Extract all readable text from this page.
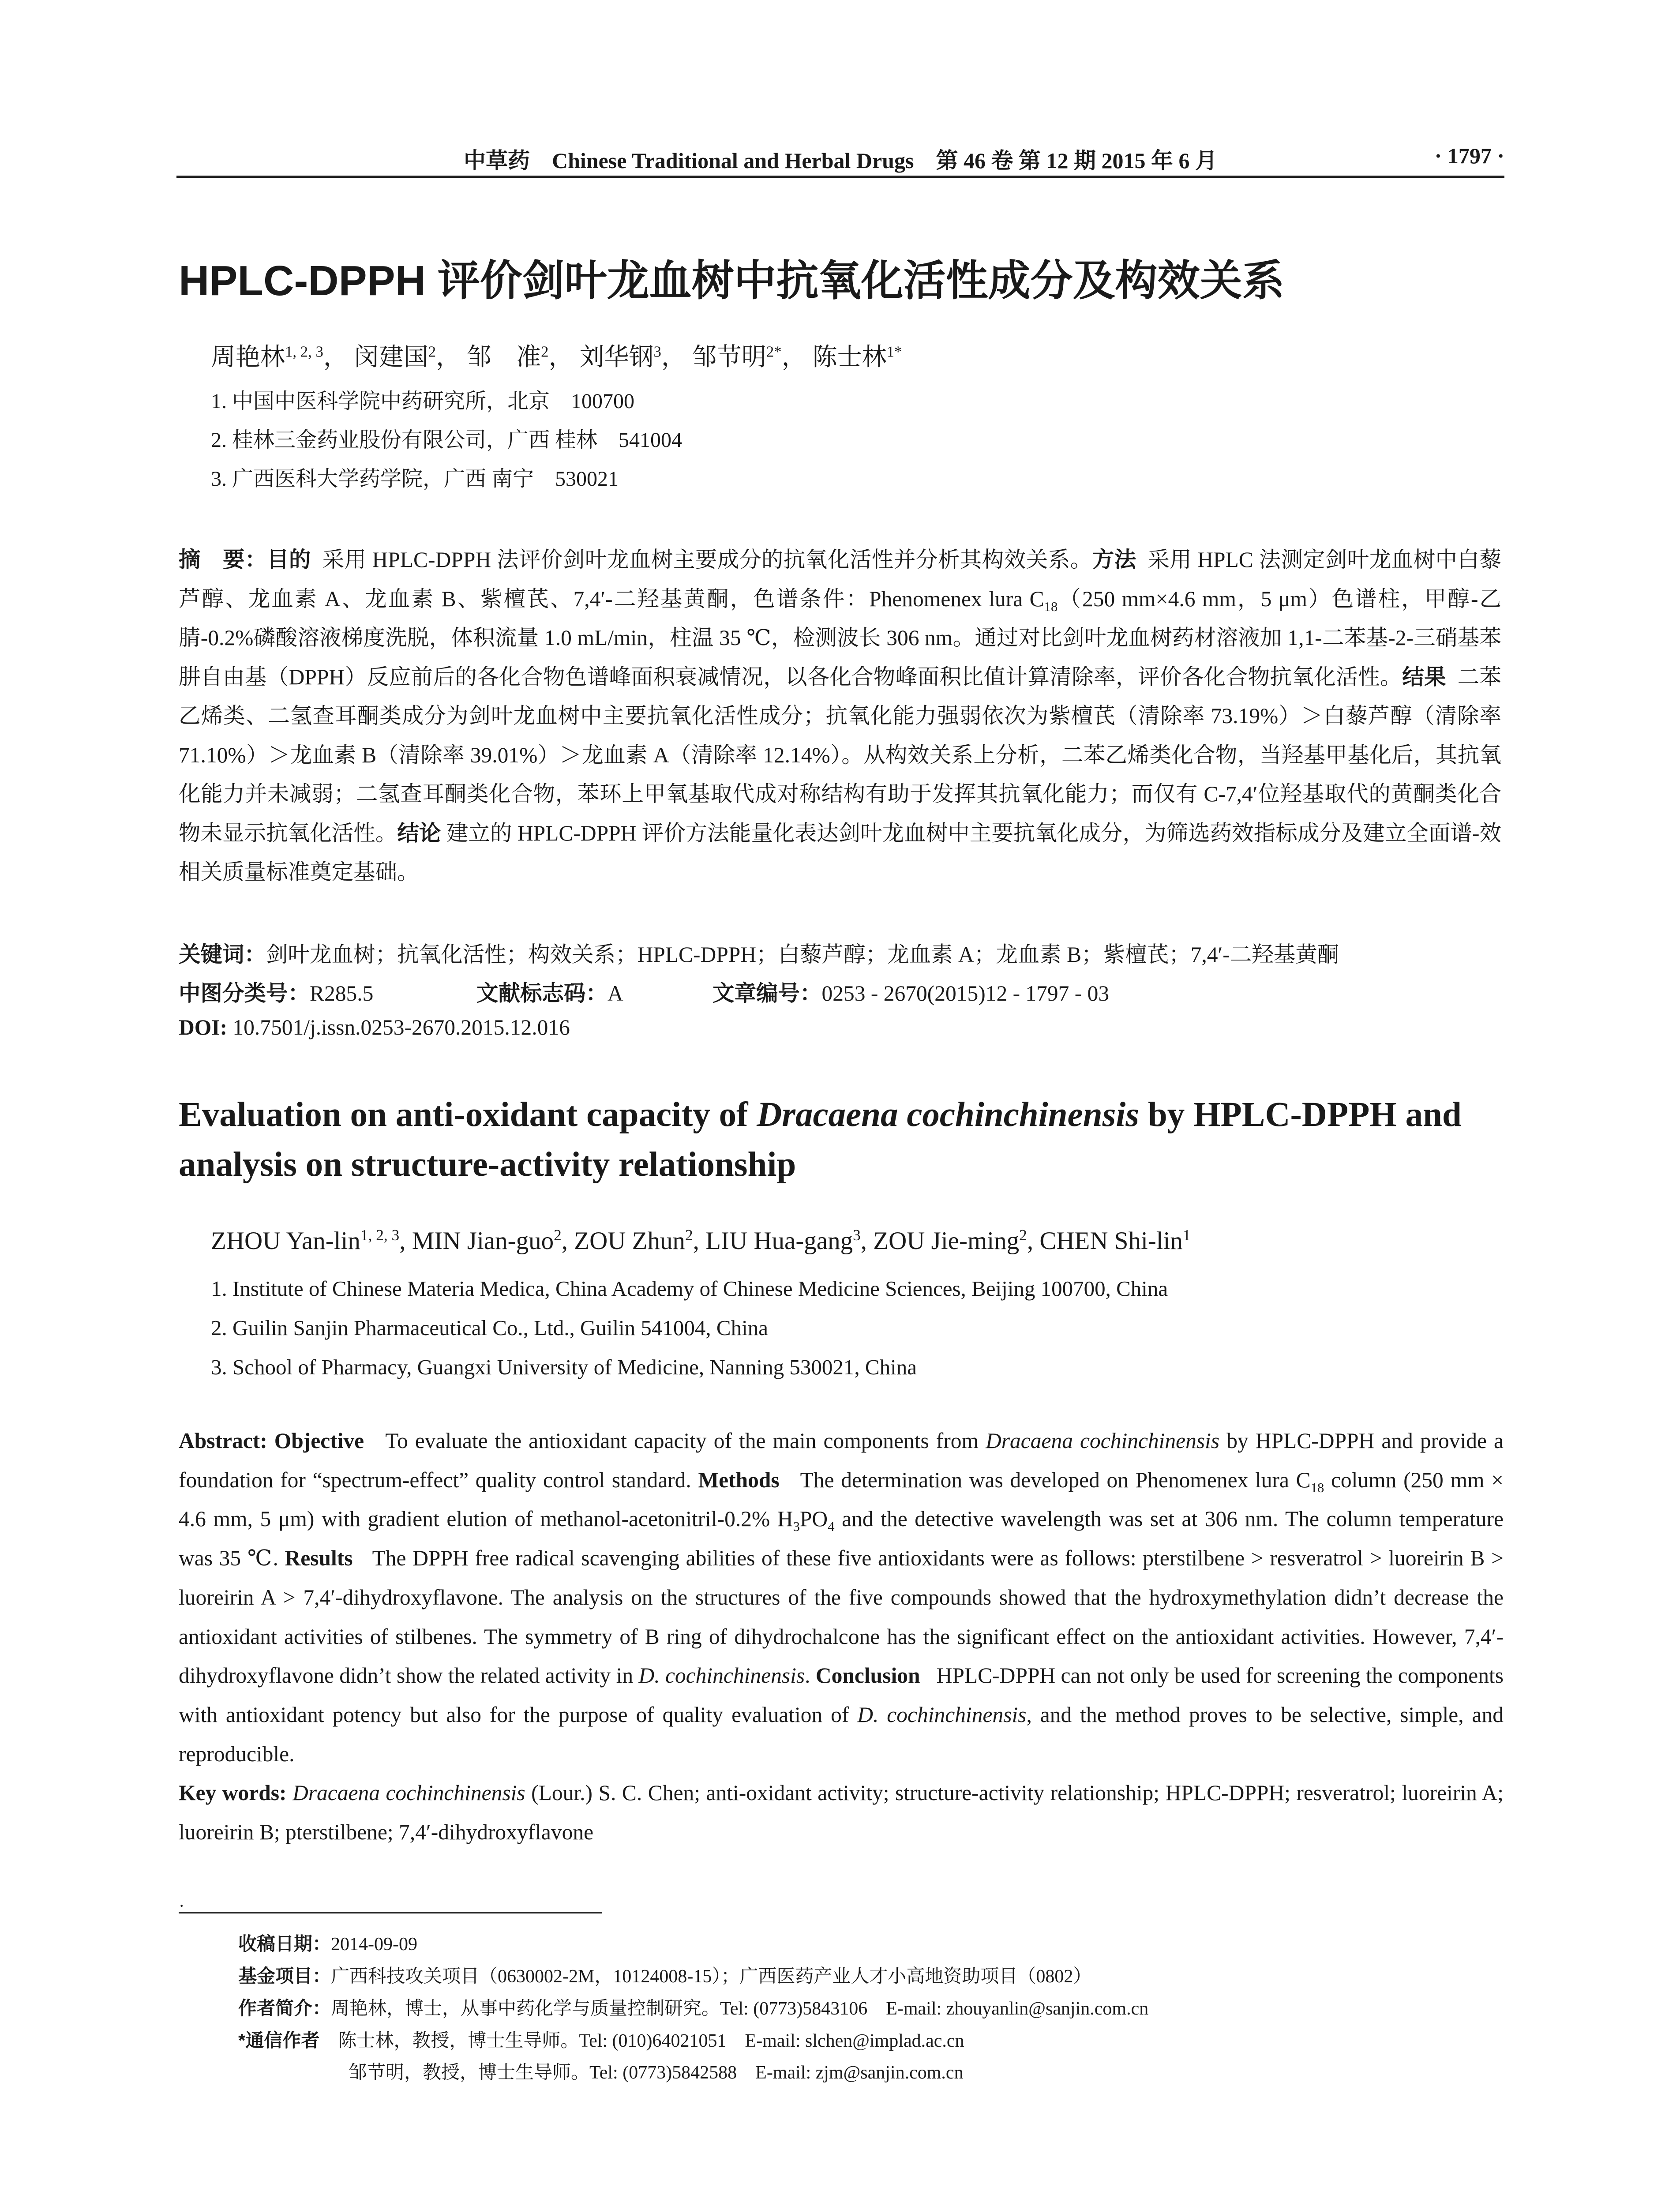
中草药 Chinese Traditional and Herbal Drugs 第 46 卷 第 12 期 2015 年 6 月	· 1797 ·
HPLC-DPPH 评价剑叶龙血树中抗氧化活性成分及构效关系
周艳林$^{1, 2, 3}$， 闵建国$^2$， 邹　准$^2$， 刘华钢$^3$， 邹节明$^{2*}$， 陈士林$^{1*}$
1. 中国中医科学院中药研究所，北京　100700
2. 桂林三金药业股份有限公司，广西 桂林　541004
3. 广西医科大学药学院，广西 南宁　530021
摘　要：目的 采用 HPLC-DPPH 法评价剑叶龙血树主要成分的抗氧化活性并分析其构效关系。方法 采用 HPLC 法测定剑叶龙血树中白藜芦醇、龙血素 A、龙血素 B、紫檀芪、7,4′-二羟基黄酮，色谱条件：Phenomenex lura $C_{18}(250$ mm×4.6 mm，5 μm）色谱柱，甲醇-乙腈-0.2%磷酸溶液梯度洗脱，体积流量 1.0 mL/min，柱温 35 ℃，检测波长 306 nm。通过对比剑叶龙血树药材溶液加 1,1-二苯基-2-三硝基苯肼自由基（DPPH）反应前后的各化合物色谱峰面积衰减情况，以各化合物峰面积比值计算清除率，评价各化合物抗氧化活性。结果 二苯乙烯类、二氢查耳酮类成分为剑叶龙血树中主要抗氧化活性成分；抗氧化能力强弱依次为紫檀芪（清除率 73.19%）＞白藜芦醇（清除率 71.10%）＞龙血素 B（清除率 39.01%）＞龙血素 A（清除率 12.14%）。从构效关系上分析，二苯乙烯类化合物，当羟基甲基化后，其抗氧化能力并未减弱；二氢查耳酮类化合物，苯环上甲氧基取代成对称结构有助于发挥其抗氧化能力；而仅有 C-7,4′位羟基取代的黄酮类化合物未显示抗氧化活性。结论 建立的 HPLC-DPPH 评价方法能量化表达剑叶龙血树中主要抗氧化成分，为筛选药效指标成分及建立全面谱-效相关质量标准奠定基础。
关键词：剑叶龙血树；抗氧化活性；构效关系；HPLC-DPPH；白藜芦醇；龙血素 A；龙血素 B；紫檀芪；7,4′-二羟基黄酮
中图分类号：R285.5	文献标志码：A	文章编号：0253 - 2670(2015)12 - 1797 - 03
DOI: 10.7501/j.issn.0253-2670.2015.12.016
Evaluation on anti-oxidant capacity of Dracaena cochinchinensis by HPLC-DPPH and analysis on structure-activity relationship
ZHOU Yan-lin$^{1, 2, 3}$, MIN Jian-guo$^2$, ZOU Zhun$^2$, LIU Hua-gang$^3$, ZOU Jie-ming$^2$, CHEN Shi-lin$^1$
1. Institute of Chinese Materia Medica, China Academy of Chinese Medicine Sciences, Beijing 100700, China
2. Guilin Sanjin Pharmaceutical Co., Ltd., Guilin 541004, China
3. School of Pharmacy, Guangxi University of Medicine, Nanning 530021, China
Abstract: Objective To evaluate the antioxidant capacity of the main components from Dracaena cochinchinensis by HPLC-DPPH and provide a foundation for “spectrum-effect” quality control standard. Methods The determination was developed on Phenomenex lura $C_{18}$ column (250 mm × 4.6 mm, 5 μm) with gradient elution of methanol-acetonitril-0.2% $H_3PO_4$ and the detective wavelength was set at 306 nm. The column temperature was 35 ℃. Results The DPPH free radical scavenging abilities of these five antioxidants were as follows: pterstilbene > resveratrol > luoreirin B > luoreirin A > 7,4′-dihydroxyflavone. The analysis on the structures of the five compounds showed that the hydroxymethylation didn’t decrease the antioxidant activities of stilbenes. The symmetry of B ring of dihydrochalcone has the significant effect on the antioxidant activities. However, 7,4′-dihydroxyflavone didn’t show the related activity in D. cochinchinensis. Conclusion HPLC-DPPH can not only be used for screening the components with antioxidant potency but also for the purpose of quality evaluation of D. cochinchinensis, and the method proves to be selective, simple, and reproducible.
Key words: Dracaena cochinchinensis (Lour.) S. C. Chen; anti-oxidant activity; structure-activity relationship; HPLC-DPPH; resveratrol; luoreirin A; luoreirin B; pterstilbene; 7,4′-dihydroxyflavone
·
收稿日期：2014-09-09
基金项目：广西科技攻关项目（0630002-2M，10124008-15）；广西医药产业人才小高地资助项目（0802）
作者简介：周艳林，博士，从事中药化学与质量控制研究。Tel: (0773)5843106　E-mail: zhouyanlin@sanjin.com.cn
*通信作者 陈士林，教授，博士生导师。Tel: (010)64021051　E-mail: slchen@implad.ac.cn
邹节明，教授，博士生导师。Tel: (0773)5842588　E-mail: zjm@sanjin.com.cn
